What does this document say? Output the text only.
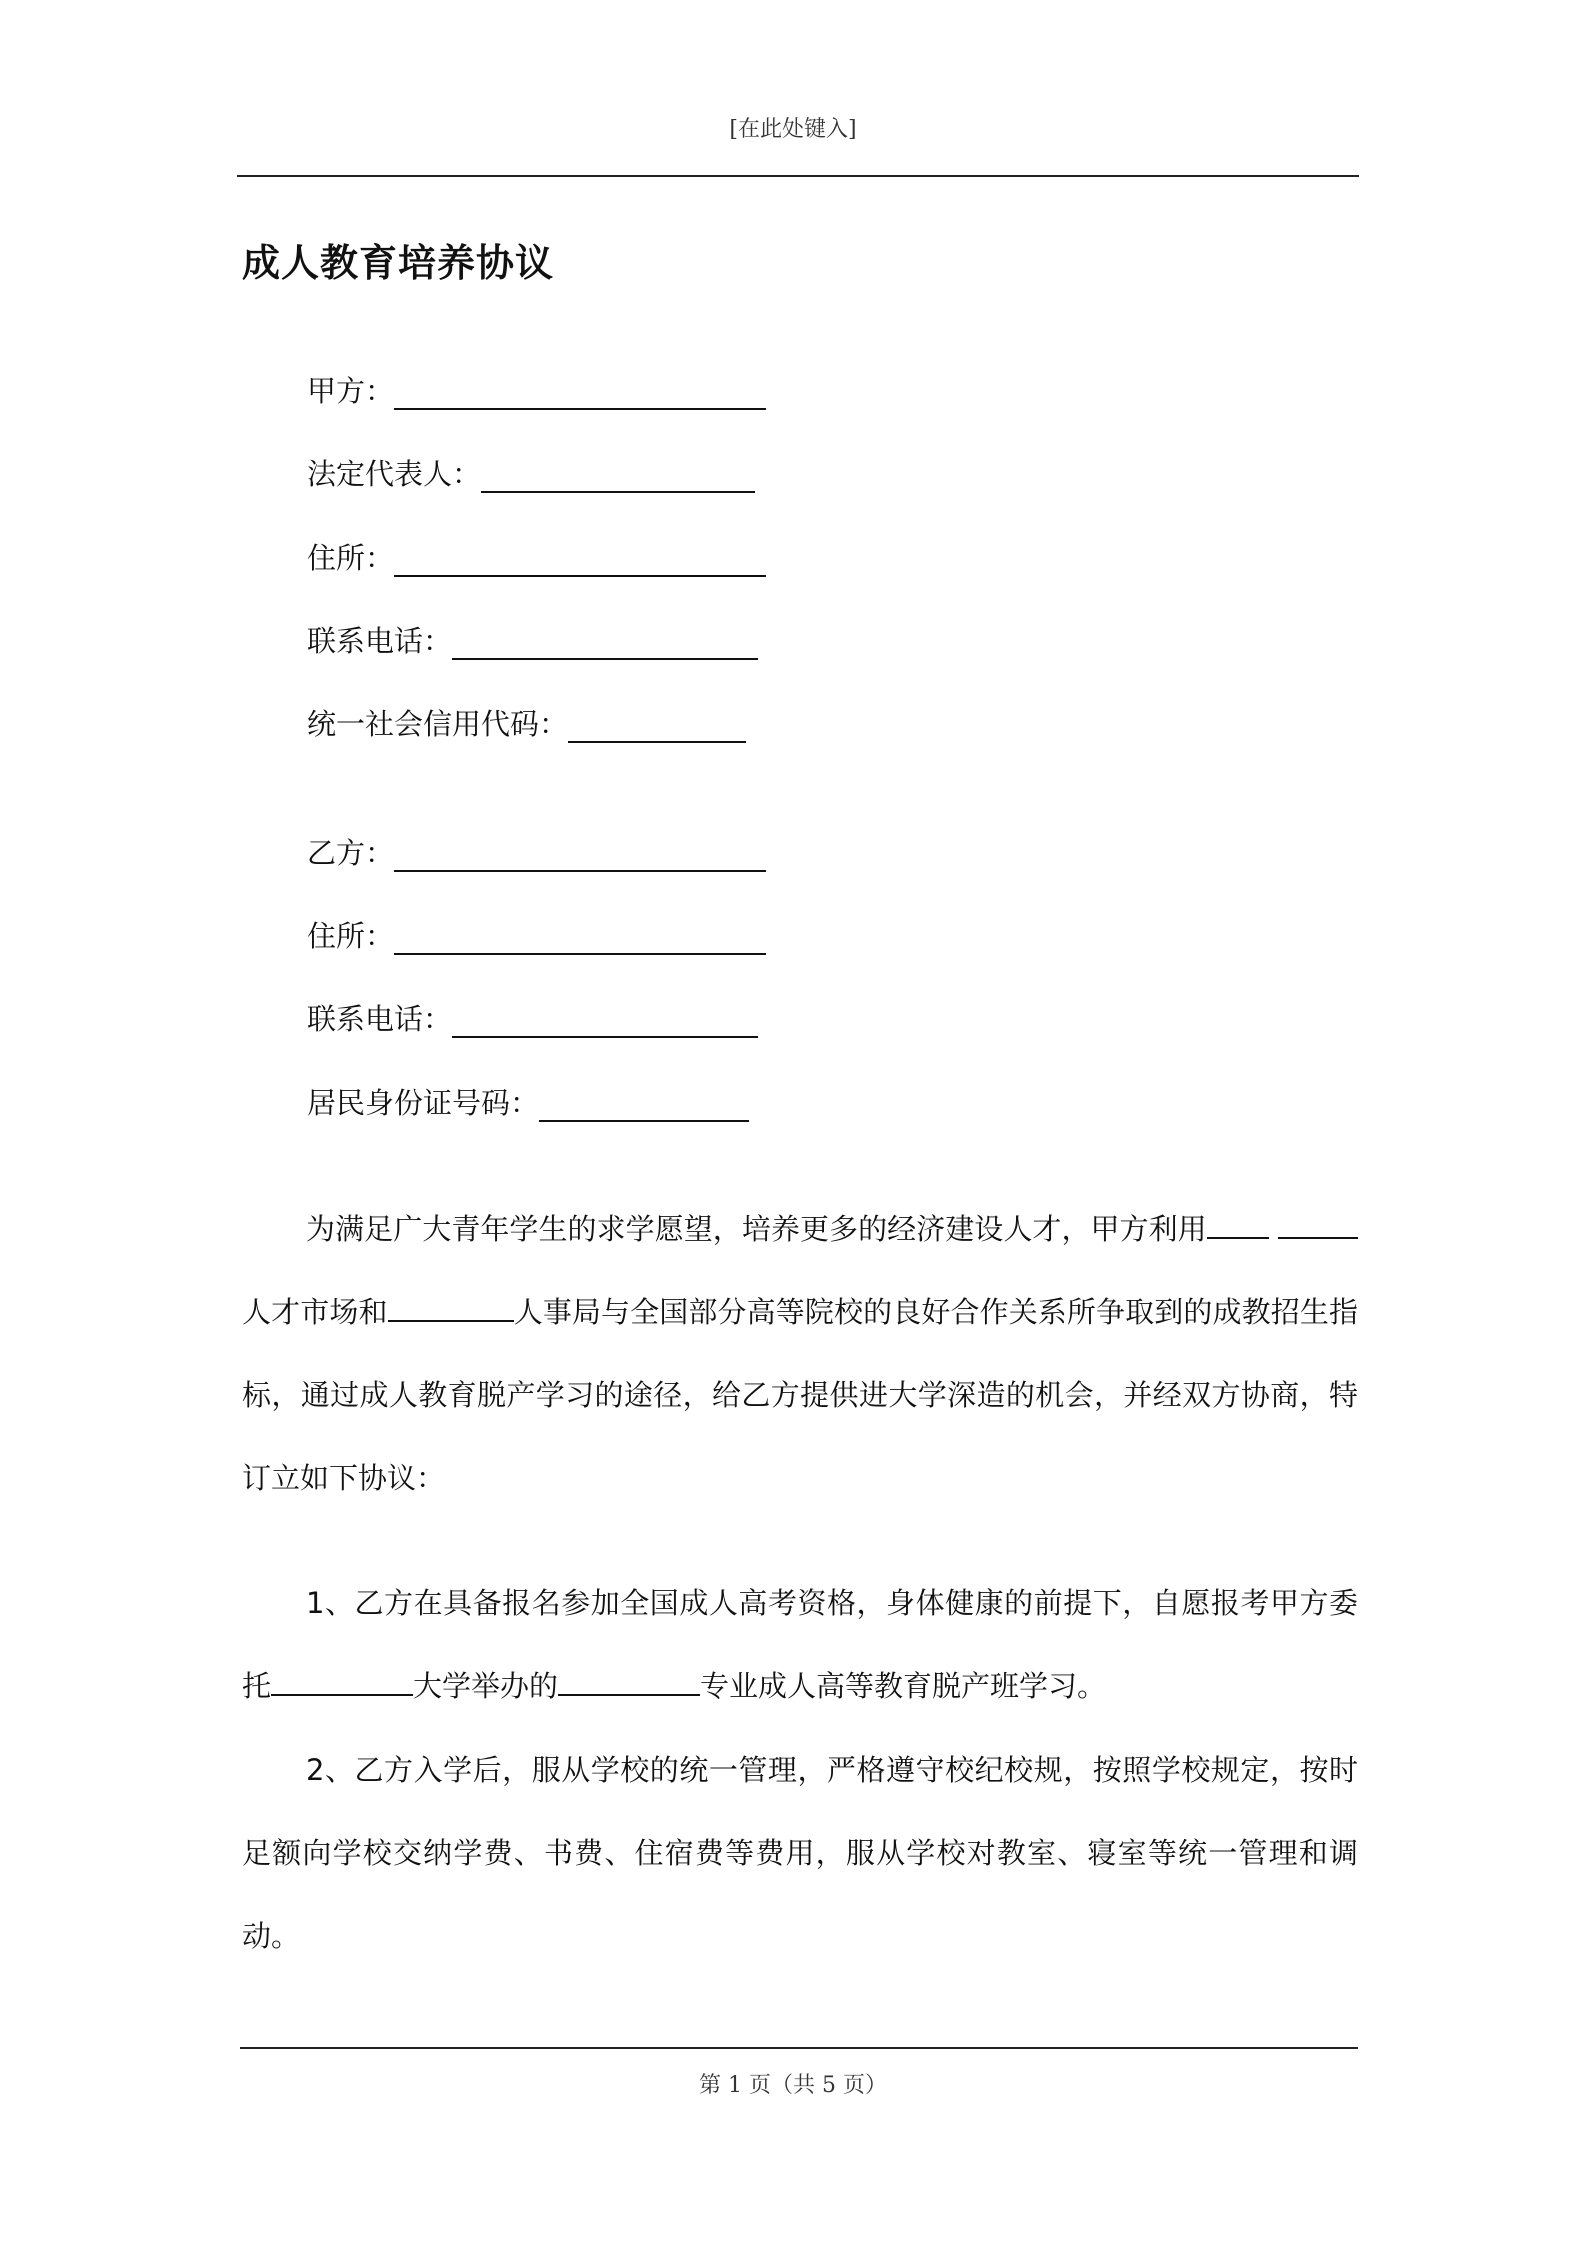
[在此处键入]
成人教育培养协议
甲方：
法定代表人：
住所：
联系电话：
统一社会信用代码：
乙方：
住所：
联系电话：
居民身份证号码：
为满足广大青年学生的求学愿望，培养更多的经济建设人才，甲方利用 人才市场和	人事局与全国部分高等院校的良好合作关系所争取到的成教招生指标，通过成人教育脱产学习的途径，给乙方提供进大学深造的机会，并经双方协商，特订立如下协议：
1、乙方在具备报名参加全国成人高考资格，身体健康的前提下，自愿报考甲方委托	大学举办的	专业成人高等教育脱产班学习。
2、乙方入学后，服从学校的统一管理，严格遵守校纪校规，按照学校规定，按时足额向学校交纳学费、书费、住宿费等费用，服从学校对教室、寝室等统一管理和调动。
第 1 页（共 5 页）
